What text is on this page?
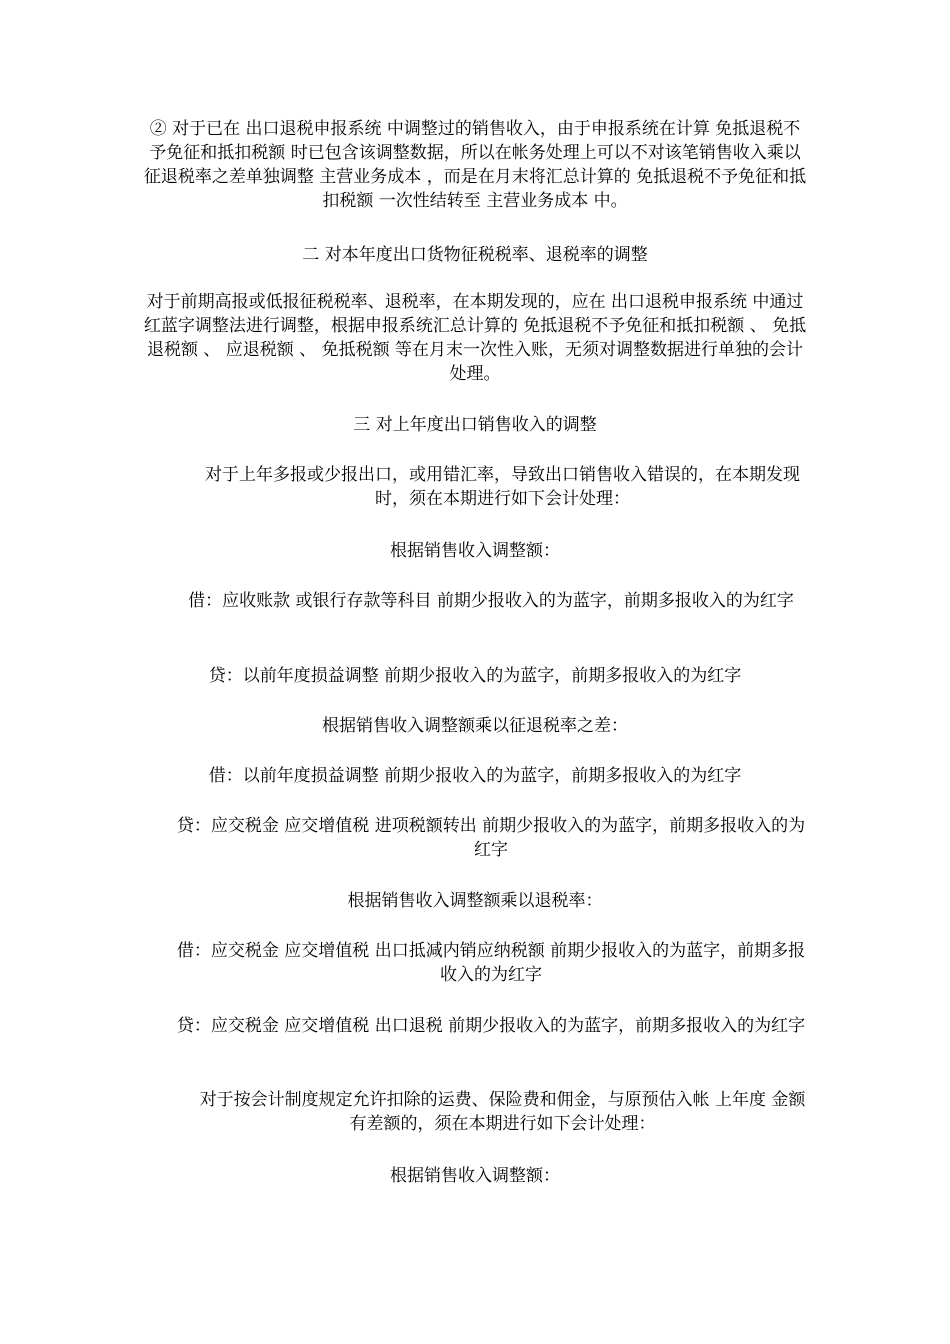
② 对于已在 出口退税申报系统 中调整过的销售收入，由于申报系统在计算 免抵退税不予免征和抵扣税额 时已包含该调整数据，所以在帐务处理上可以不对该笔销售收入乘以征退税率之差单独调整 主营业务成本 ，而是在月末将汇总计算的 免抵退税不予免征和抵扣税额 一次性结转至 主营业务成本 中。

二 对本年度出口货物征税税率、退税率的调整

对于前期高报或低报征税税率、退税率，在本期发现的，应在 出口退税申报系统 中通过红蓝字调整法进行调整，根据申报系统汇总计算的 免抵退税不予免征和抵扣税额 、 免抵退税额 、 应退税额 、 免抵税额 等在月末一次性入账，无须对调整数据进行单独的会计处理。

三 对上年度出口销售收入的调整

对于上年多报或少报出口，或用错汇率，导致出口销售收入错误的，在本期发现时，须在本期进行如下会计处理：

根据销售收入调整额：

借：应收账款 或银行存款等科目 前期少报收入的为蓝字，前期多报收入的为红字

贷：以前年度损益调整 前期少报收入的为蓝字，前期多报收入的为红字

根据销售收入调整额乘以征退税率之差：

借：以前年度损益调整 前期少报收入的为蓝字，前期多报收入的为红字

贷：应交税金 应交增值税 进项税额转出 前期少报收入的为蓝字，前期多报收入的为红字

根据销售收入调整额乘以退税率：

借：应交税金 应交增值税 出口抵减内销应纳税额 前期少报收入的为蓝字，前期多报收入的为红字

贷：应交税金 应交增值税 出口退税 前期少报收入的为蓝字，前期多报收入的为红字

对于按会计制度规定允许扣除的运费、保险费和佣金，与原预估入帐 上年度 金额有差额的，须在本期进行如下会计处理：

根据销售收入调整额：
